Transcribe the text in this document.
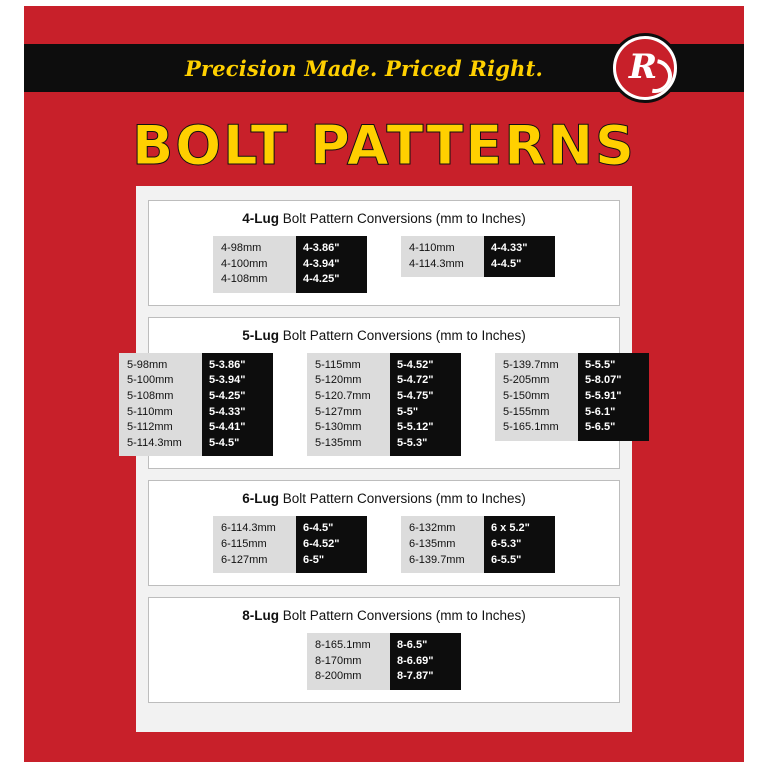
Precision Made. Priced Right.	R
BOLT PATTERNS
4-Lug Bolt Pattern Conversions (mm to Inches)
4-98mm
4-100mm
4-108mm
4-3.86"
4-3.94"
4-4.25"
4-110mm
4-114.3mm
4-4.33"
4-4.5"
5-Lug Bolt Pattern Conversions (mm to Inches)
5-98mm
5-100mm
5-108mm
5-110mm
5-112mm
5-114.3mm
5-3.86"
5-3.94"
5-4.25"
5-4.33"
5-4.41"
5-4.5"
5-115mm
5-120mm
5-120.7mm
5-127mm
5-130mm
5-135mm
5-4.52"
5-4.72"
5-4.75"
5-5"
5-5.12"
5-5.3"
5-139.7mm
5-205mm
5-150mm
5-155mm
5-165.1mm
5-5.5"
5-8.07"
5-5.91"
5-6.1"
5-6.5"
6-Lug Bolt Pattern Conversions (mm to Inches)
6-114.3mm
6-115mm
6-127mm
6-4.5"
6-4.52"
6-5"
6-132mm
6-135mm
6-139.7mm
6 x 5.2"
6-5.3"
6-5.5"
8-Lug Bolt Pattern Conversions (mm to Inches)
8-165.1mm
8-170mm
8-200mm
8-6.5"
8-6.69"
8-7.87"
